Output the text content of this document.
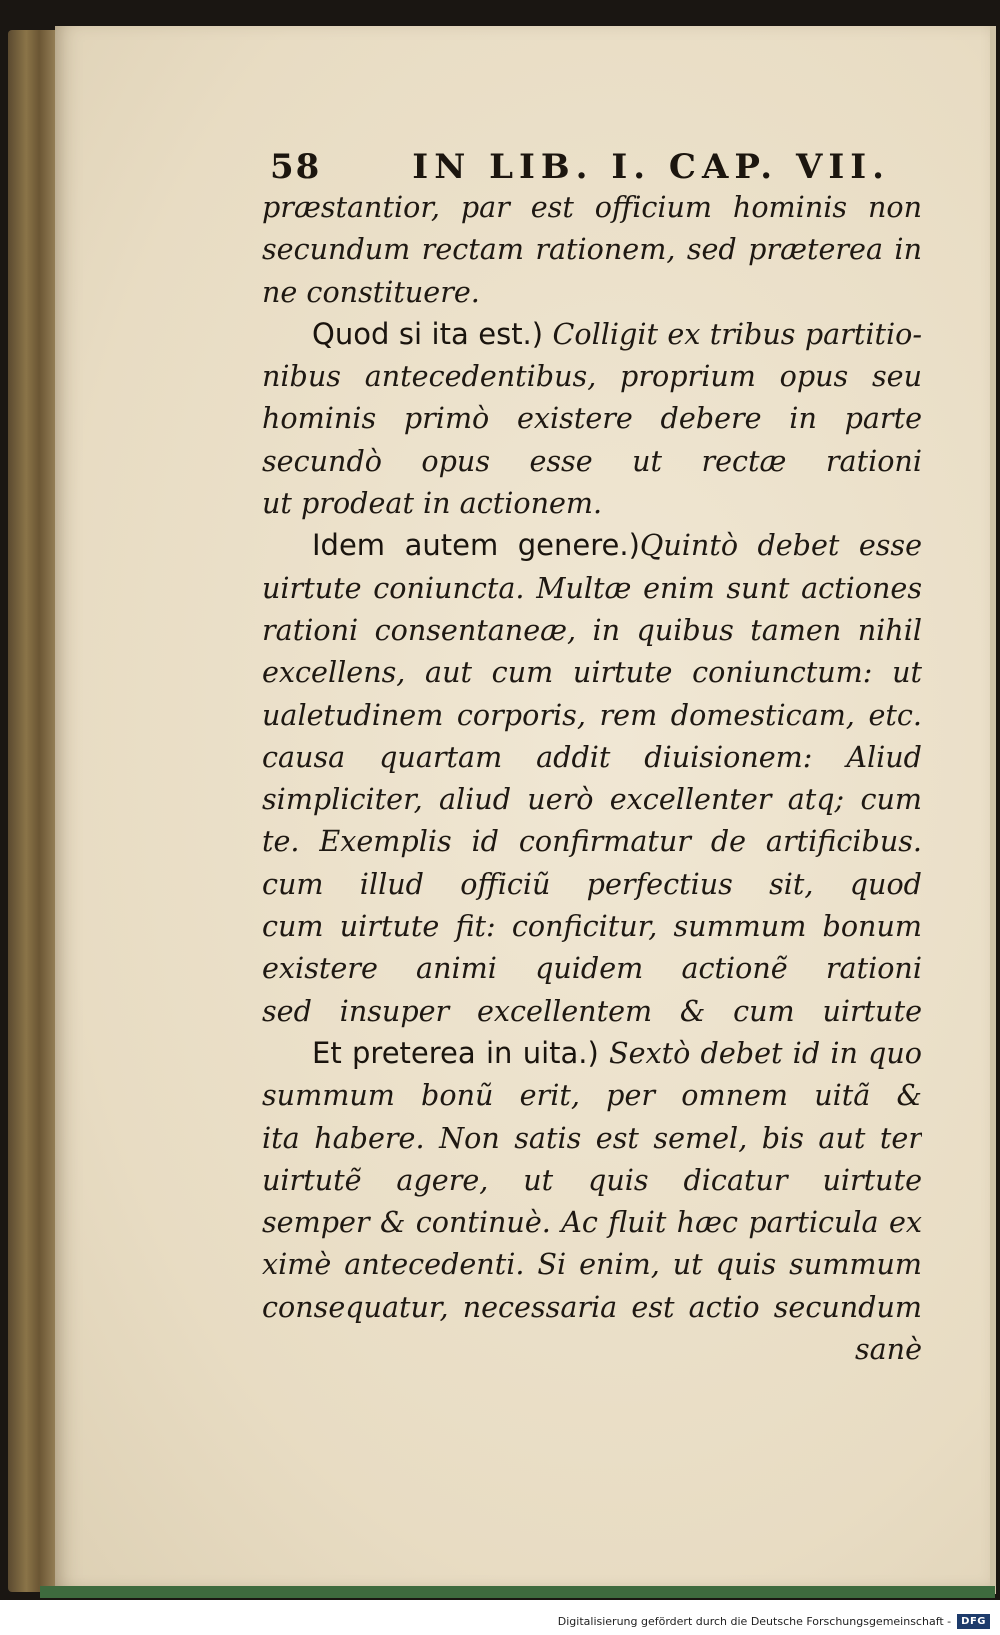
58	IN LIB. I. CAP. VII.
præstantior, par est officium hominis non
secundum rectam rationem, sed præterea in
ne constituere.
Quod si ita est.) Colligit ex tribus partitio-
nibus antecedentibus, proprium opus seu
hominis primò existere debere in parte
secundò opus esse ut rectæ rationi
ut prodeat in actionem.
Idem autem genere.)Quintò debet esse
uirtute coniuncta. Multæ enim sunt actiones
rationi consentaneæ, in quibus tamen nihil
excellens, aut cum uirtute coniunctum: ut
ualetudinem corporis, rem domesticam, etc.
causa quartam addit diuisionem: Aliud
simpliciter, aliud uerò excellenter atq; cum
te. Exemplis id confirmatur de artificibus.
cum illud officiũ perfectius sit, quod
cum uirtute fit: conficitur, summum bonum
existere animi quidem actionẽ rationi
sed insuper excellentem & cum uirtute
Et preterea in uita.) Sextò debet id in quo
summum bonũ erit, per omnem uitã &
ita habere. Non satis est semel, bis aut ter
uirtutẽ agere, ut quis dicatur uirtute
semper & continuè. Ac fluit hæc particula ex
ximè antecedenti. Si enim, ut quis summum
consequatur, necessaria est actio secundum
sanè
Digitalisierung gefördert durch die Deutsche Forschungsgemeinschaft -	DFG
